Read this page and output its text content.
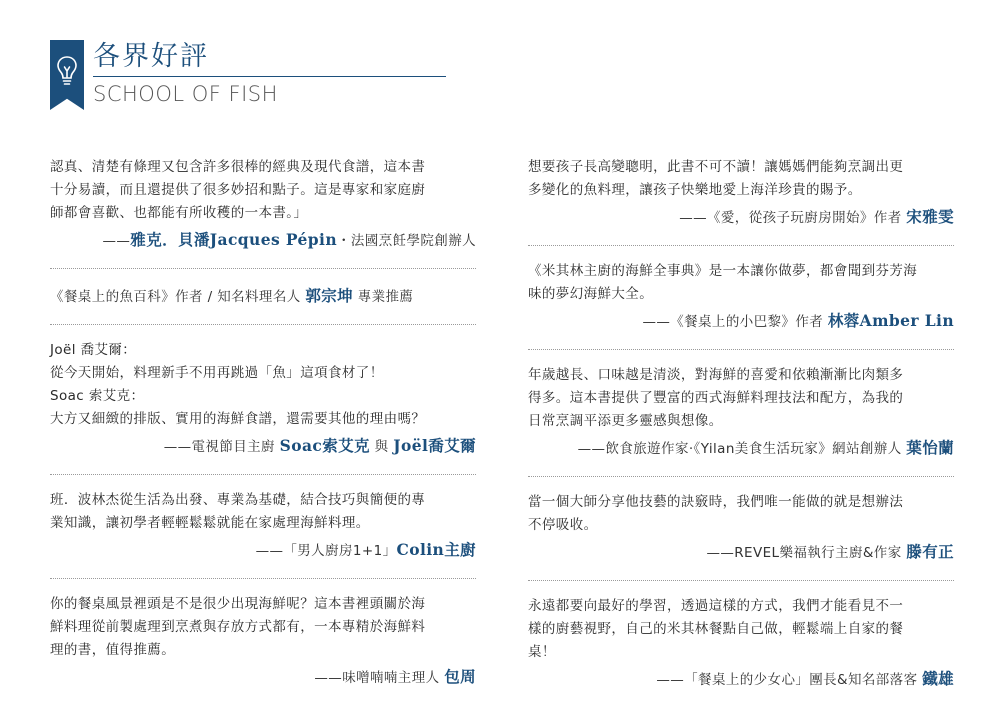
各界好評
SCHOOL OF FISH

認真、清楚有條理又包含許多很棒的經典及現代食譜，這本書

十分易讀，而且還提供了很多妙招和點子。這是專家和家庭廚

師都會喜歡、也都能有所收穫的一本書。」

——雅克．貝潘Jacques Pépin・法國烹飪學院創辦人
《餐桌上的魚百科》作者 / 知名料理名人 郭宗坤 專業推薦

Joël 喬艾爾：

從今天開始，料理新手不用再跳過「魚」這項食材了！

Soac 索艾克：

大方又細緻的排版、實用的海鮮食譜，還需要其他的理由嗎？

——電視節目主廚 Soac索艾克 與 Joël喬艾爾

班．波林杰從生活為出發、專業為基礎，結合技巧與簡便的專

業知識，讓初學者輕輕鬆鬆就能在家處理海鮮料理。

——「男人廚房1+1」Colin主廚

你的餐桌風景裡頭是不是很少出現海鮮呢？這本書裡頭關於海

鮮料理從前製處理到烹煮與存放方式都有，一本專精於海鮮料

理的書，值得推薦。

——味噌喃喃主理人 包周

想要孩子長高變聰明，此書不可不讀！讓媽媽們能夠烹調出更

多變化的魚料理，讓孩子快樂地愛上海洋珍貴的賜予。

——《愛，從孩子玩廚房開始》作者 宋雅雯

《米其林主廚的海鮮全事典》是一本讓你做夢，都會聞到芬芳海

味的夢幻海鮮大全。

——《餐桌上的小巴黎》作者 林蓉Amber Lin

年歲越長、口味越是清淡，對海鮮的喜愛和依賴漸漸比肉類多

得多。這本書提供了豐富的西式海鮮料理技法和配方，為我的

日常烹調平添更多靈感與想像。

——飲食旅遊作家‧《Yilan美食生活玩家》網站創辦人 葉怡蘭

當一個大師分享他技藝的訣竅時，我們唯一能做的就是想辦法

不停吸收。

——REVEL樂福執行主廚&作家 滕有正

永遠都要向最好的學習，透過這樣的方式，我們才能看見不一

樣的廚藝視野，自己的米其林餐點自己做，輕鬆端上自家的餐

桌！

——「餐桌上的少女心」團長&知名部落客 鐵雄
